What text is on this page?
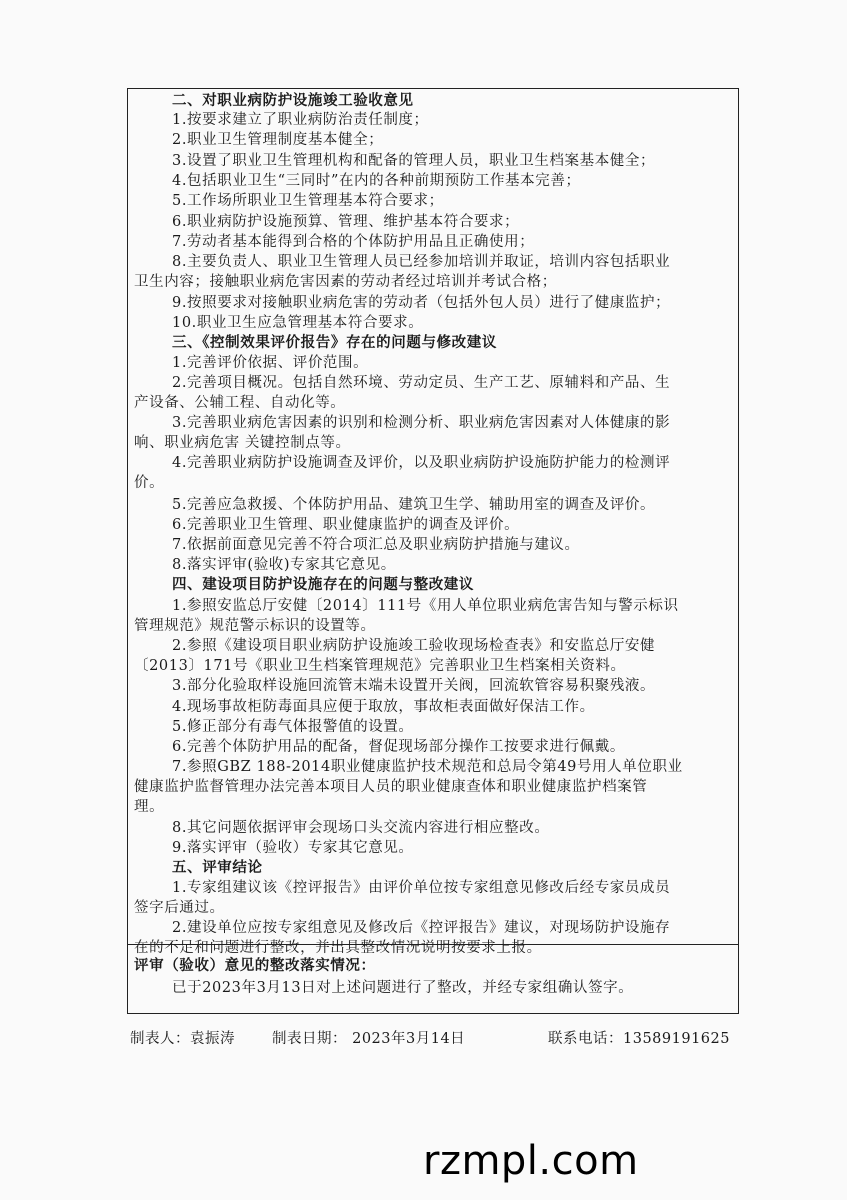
二、对职业病防护设施竣工验收意见
1.按要求建立了职业病防治责任制度；
2.职业卫生管理制度基本健全；
3.设置了职业卫生管理机构和配备的管理人员，职业卫生档案基本健全；
4.包括职业卫生“三同时”在内的各种前期预防工作基本完善；
5.工作场所职业卫生管理基本符合要求；
6.职业病防护设施预算、管理、维护基本符合要求；
7.劳动者基本能得到合格的个体防护用品且正确使用；
8.主要负责人、职业卫生管理人员已经参加培训并取证，培训内容包括职业
卫生内容；接触职业病危害因素的劳动者经过培训并考试合格；
9.按照要求对接触职业病危害的劳动者（包括外包人员）进行了健康监护；
10.职业卫生应急管理基本符合要求。
三、《控制效果评价报告》存在的问题与修改建议
1.完善评价依据、评价范围。
2.完善项目概况。包括自然环境、劳动定员、生产工艺、原辅料和产品、生
产设备、公辅工程、自动化等。
3.完善职业病危害因素的识别和检测分析、职业病危害因素对人体健康的影
响、职业病危害 关键控制点等。
4.完善职业病防护设施调查及评价，以及职业病防护设施防护能力的检测评
价。
5.完善应急救援、个体防护用品、建筑卫生学、辅助用室的调查及评价。
6.完善职业卫生管理、职业健康监护的调查及评价。
7.依据前面意见完善不符合项汇总及职业病防护措施与建议。
8.落实评审(验收)专家其它意见。
四、建设项目防护设施存在的问题与整改建议
1.参照安监总厅安健〔2014〕111号《用人单位职业病危害告知与警示标识
管理规范》规范警示标识的设置等。
2.参照《建设项目职业病防护设施竣工验收现场检查表》和安监总厅安健
〔2013〕171号《职业卫生档案管理规范》完善职业卫生档案相关资料。
3.部分化验取样设施回流管末端未设置开关阀，回流软管容易积聚残液。
4.现场事故柜防毒面具应便于取放，事故柜表面做好保洁工作。
5.修正部分有毒气体报警值的设置。
6.完善个体防护用品的配备，督促现场部分操作工按要求进行佩戴。
7.参照GBZ 188-2014职业健康监护技术规范和总局令第49号用人单位职业
健康监护监督管理办法完善本项目人员的职业健康查体和职业健康监护档案管
理。
8.其它问题依据评审会现场口头交流内容进行相应整改。
9.落实评审（验收）专家其它意见。
五、评审结论
1.专家组建议该《控评报告》由评价单位按专家组意见修改后经专家员成员
签字后通过。
2.建设单位应按专家组意见及修改后《控评报告》建议，对现场防护设施存
在的不足和问题进行整改，并出具整改情况说明按要求上报。
评审（验收）意见的整改落实情况：
已于2023年3月13日对上述问题进行了整改，并经专家组确认签字。
制表人：袁振涛	制表日期： 2023年3月14日	联系电话：13589191625
rzmpl.com
